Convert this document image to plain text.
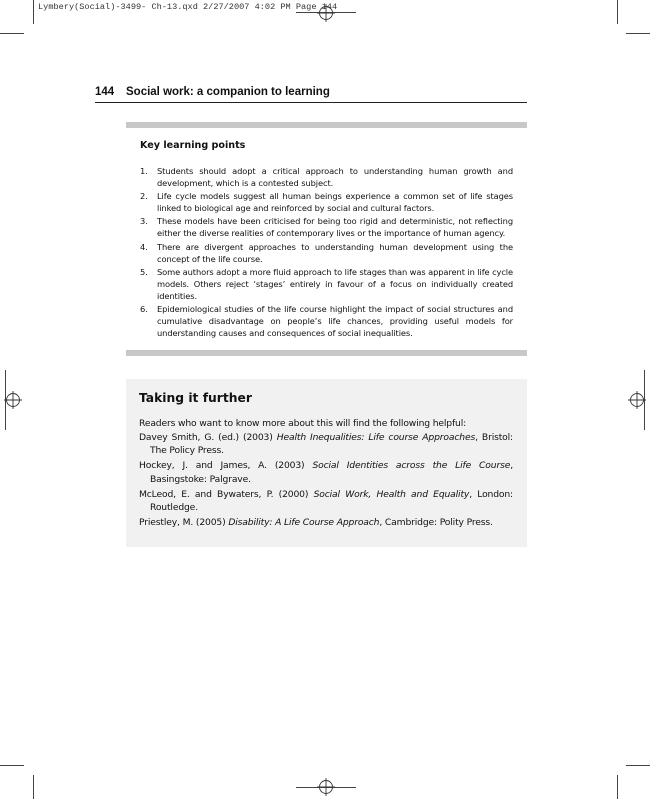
Lymbery(Social)-3499- Ch-13.qxd 2/27/2007 4:02 PM Page 144
144 Social work: a companion to learning
Key learning points
1. Students should adopt a critical approach to understanding human growth and development, which is a contested subject.
2. Life cycle models suggest all human beings experience a common set of life stages linked to biological age and reinforced by social and cultural factors.
3. These models have been criticised for being too rigid and deterministic, not reflecting either the diverse realities of contemporary lives or the importance of human agency.
4. There are divergent approaches to understanding human development using the concept of the life course.
5. Some authors adopt a more fluid approach to life stages than was apparent in life cycle models. Others reject ‘stages’ entirely in favour of a focus on individually created identities.
6. Epidemiological studies of the life course highlight the impact of social structures and cumulative disadvantage on people’s life chances, providing useful models for understanding causes and consequences of social inequalities.
Taking it further

Readers who want to know more about this will find the following helpful:

Davey Smith, G. (ed.) (2003) Health Inequalities: Life course Approaches, Bristol: The Policy Press.

Hockey, J. and James, A. (2003) Social Identities across the Life Course, Basingstoke: Palgrave.

McLeod, E. and Bywaters, P. (2000) Social Work, Health and Equality, London: Routledge.

Priestley, M. (2005) Disability: A Life Course Approach, Cambridge: Polity Press.
